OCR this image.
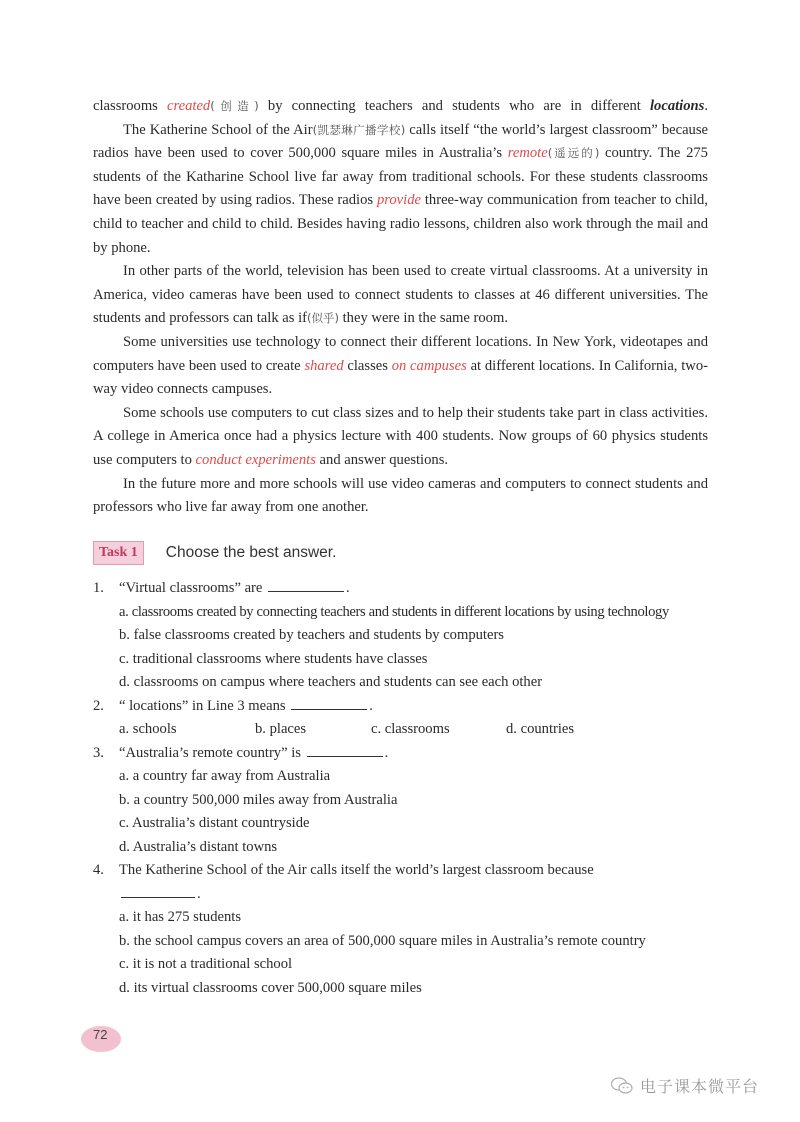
classrooms created(创造) by connecting teachers and students who are in different locations.

The Katherine School of the Air(凯瑟琳广播学校) calls itself “the world’s largest classroom” because radios have been used to cover 500,000 square miles in Australia’s remote(遥远的) country. The 275 students of the Katharine School live far away from traditional schools. For these students classrooms have been created by using radios. These radios provide three-way communication from teacher to child, child to teacher and child to child. Besides having radio lessons, children also work through the mail and by phone.

In other parts of the world, television has been used to create virtual classrooms. At a university in America, video cameras have been used to connect students to classes at 46 different universities. The students and professors can talk as if(似乎) they were in the same room.

Some universities use technology to connect their different locations. In New York, videotapes and computers have been used to create shared classes on campuses at different locations. In California, two-way video connects campuses.

Some schools use computers to cut class sizes and to help their students take part in class activities. A college in America once had a physics lecture with 400 students. Now groups of 60 physics students use computers to conduct experiments and answer questions.

In the future more and more schools will use video cameras and computers to connect students and professors who live far away from one another.

Task 1	Choose the best answer.
1.	“Virtual classrooms” are	.
a. classrooms created by connecting teachers and students in different locations by using technology
b. false classrooms created by teachers and students by computers
c. traditional classrooms where students have classes
d. classrooms on campus where teachers and students can see each other
2.	“ locations” in Line 3 means	.
a. schools	b. places	c. classrooms	d. countries
3.	“Australia’s remote country” is	.
a. a country far away from Australia
b. a country 500,000 miles away from Australia
c. Australia’s distant countryside
d. Australia’s distant towns
4.	The Katherine School of the Air calls itself the world’s largest classroom because
.
a. it has 275 students
b. the school campus covers an area of 500,000 square miles in Australia’s remote country
c. it is not a traditional school
d. its virtual classrooms cover 500,000 square miles
72
电子课本微平台
